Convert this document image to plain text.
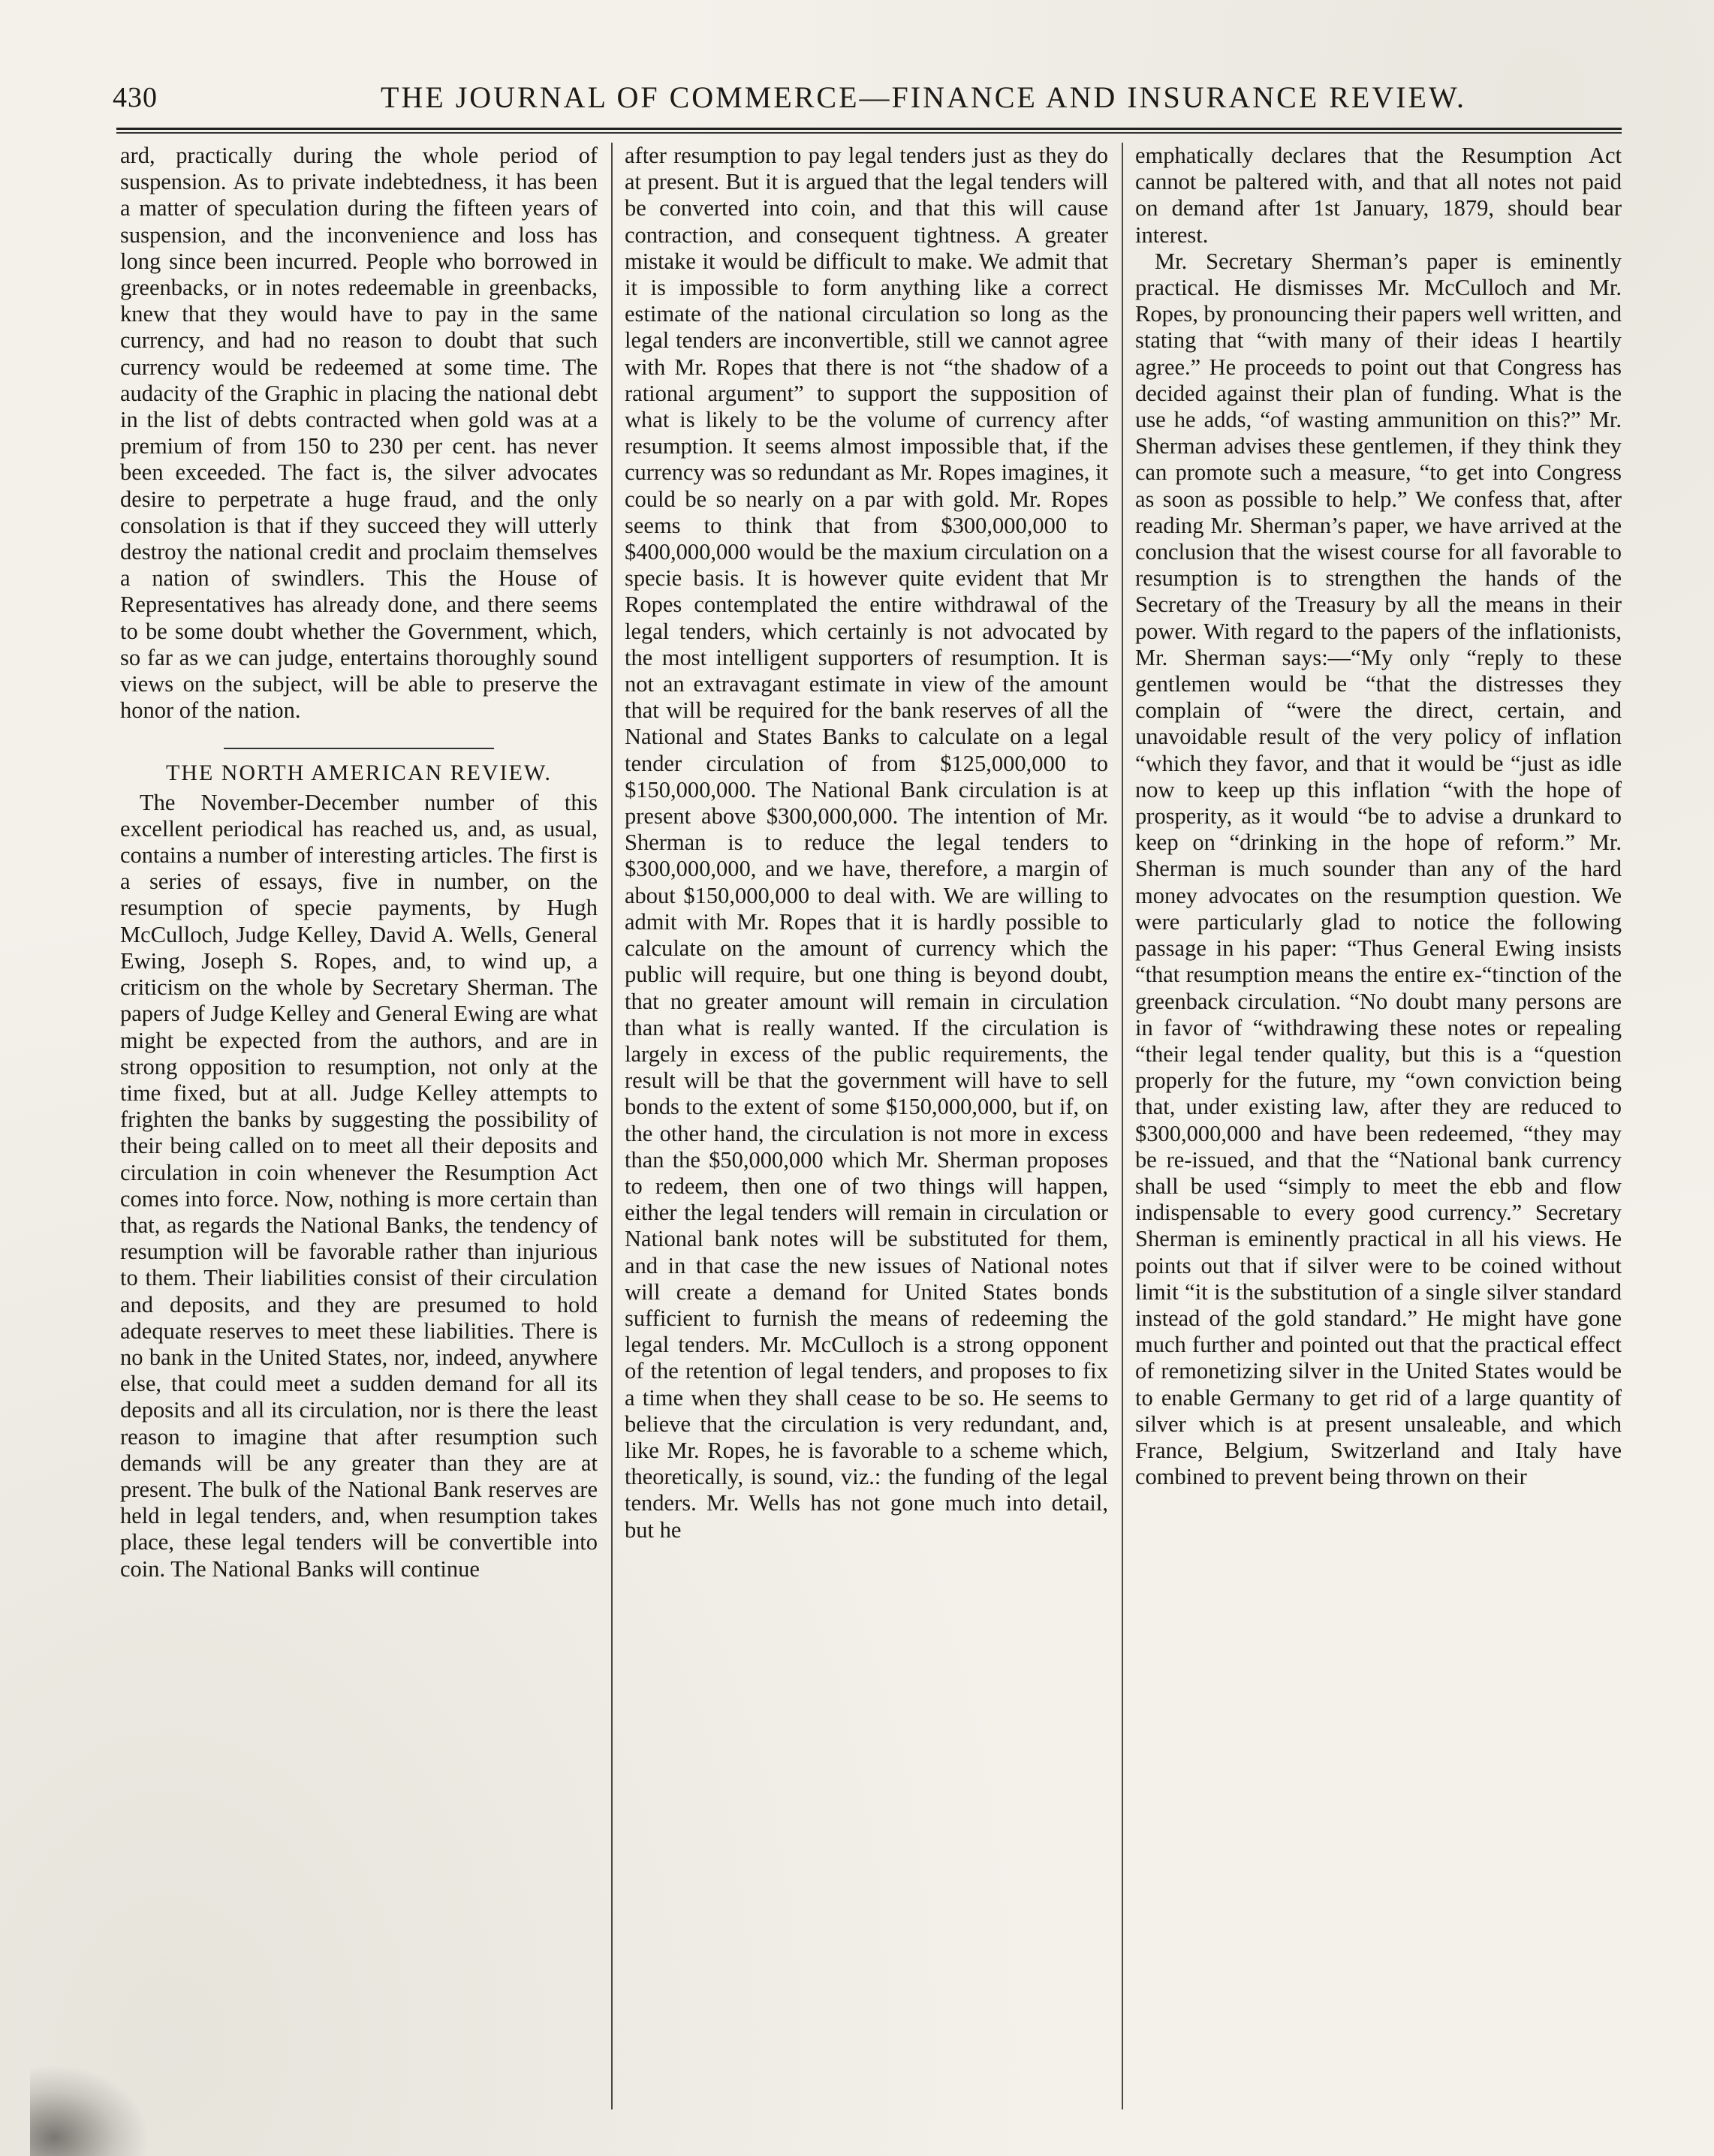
430	THE JOURNAL OF COMMERCE—FINANCE AND INSURANCE REVIEW.

ard, practically during the whole period of suspension. As to private indebtedness, it has been a matter of speculation during the fifteen years of suspension, and the inconvenience and loss has long since been incurred. People who borrowed in greenbacks, or in notes redeemable in greenbacks, knew that they would have to pay in the same currency, and had no reason to doubt that such currency would be redeemed at some time. The audacity of the Graphic in placing the national debt in the list of debts contracted when gold was at a premium of from 150 to 230 per cent. has never been exceeded. The fact is, the silver advocates desire to perpetrate a huge fraud, and the only consolation is that if they succeed they will utterly destroy the national credit and proclaim themselves a nation of swindlers. This the House of Representatives has already done, and there seems to be some doubt whether the Government, which, so far as we can judge, entertains thoroughly sound views on the subject, will be able to preserve the honor of the nation.

THE NORTH AMERICAN REVIEW.

The November-December number of this excellent periodical has reached us, and, as usual, contains a number of interesting articles. The first is a series of essays, five in number, on the resumption of specie payments, by Hugh McCulloch, Judge Kelley, David A. Wells, General Ewing, Joseph S. Ropes, and, to wind up, a criticism on the whole by Secretary Sherman. The papers of Judge Kelley and General Ewing are what might be expected from the authors, and are in strong opposition to resumption, not only at the time fixed, but at all. Judge Kelley attempts to frighten the banks by suggesting the possibility of their being called on to meet all their deposits and circulation in coin whenever the Resumption Act comes into force. Now, nothing is more certain than that, as regards the National Banks, the tendency of resumption will be favorable rather than injurious to them. Their liabilities consist of their circulation and deposits, and they are presumed to hold adequate reserves to meet these liabilities. There is no bank in the United States, nor, indeed, anywhere else, that could meet a sudden demand for all its deposits and all its circulation, nor is there the least reason to imagine that after resumption such demands will be any greater than they are at present. The bulk of the National Bank reserves are held in legal tenders, and, when resumption takes place, these legal tenders will be convertible into coin. The National Banks will continue

after resumption to pay legal tenders just as they do at present. But it is argued that the legal tenders will be converted into coin, and that this will cause contraction, and consequent tightness. A greater mistake it would be difficult to make. We admit that it is impossible to form anything like a correct estimate of the national circulation so long as the legal tenders are inconvertible, still we cannot agree with Mr. Ropes that there is not “the shadow of a rational argument” to support the supposition of what is likely to be the volume of currency after resumption. It seems almost impossible that, if the currency was so redundant as Mr. Ropes imagines, it could be so nearly on a par with gold. Mr. Ropes seems to think that from $300,000,000 to $400,000,000 would be the maxium circulation on a specie basis. It is however quite evident that Mr Ropes contemplated the entire withdrawal of the legal tenders, which certainly is not advocated by the most intelligent supporters of resumption. It is not an extravagant estimate in view of the amount that will be required for the bank reserves of all the National and States Banks to calculate on a legal tender circulation of from $125,000,000 to $150,000,000. The National Bank circulation is at present above $300,000,000. The intention of Mr. Sherman is to reduce the legal tenders to $300,000,000, and we have, therefore, a margin of about $150,000,000 to deal with. We are willing to admit with Mr. Ropes that it is hardly possible to calculate on the amount of currency which the public will require, but one thing is beyond doubt, that no greater amount will remain in circulation than what is really wanted. If the circulation is largely in excess of the public requirements, the result will be that the government will have to sell bonds to the extent of some $150,000,000, but if, on the other hand, the circulation is not more in excess than the $50,000,000 which Mr. Sherman proposes to redeem, then one of two things will happen, either the legal tenders will remain in circulation or National bank notes will be substituted for them, and in that case the new issues of National notes will create a demand for United States bonds sufficient to furnish the means of redeeming the legal tenders. Mr. McCulloch is a strong opponent of the retention of legal tenders, and proposes to fix a time when they shall cease to be so. He seems to believe that the circulation is very redundant, and, like Mr. Ropes, he is favorable to a scheme which, theoretically, is sound, viz.: the funding of the legal tenders. Mr. Wells has not gone much into detail, but he

emphatically declares that the Resumption Act cannot be paltered with, and that all notes not paid on demand after 1st January, 1879, should bear interest.

Mr. Secretary Sherman’s paper is eminently practical. He dismisses Mr. McCulloch and Mr. Ropes, by pronouncing their papers well written, and stating that “with many of their ideas I heartily agree.” He proceeds to point out that Congress has decided against their plan of funding. What is the use he adds, “of wasting ammunition on this?” Mr. Sherman advises these gentlemen, if they think they can promote such a measure, “to get into Congress as soon as possible to help.” We confess that, after reading Mr. Sherman’s paper, we have arrived at the conclusion that the wisest course for all favorable to resumption is to strengthen the hands of the Secretary of the Treasury by all the means in their power. With regard to the papers of the inflationists, Mr. Sherman says:—“My only “reply to these gentlemen would be “that the distresses they complain of “were the direct, certain, and unavoidable result of the very policy of inflation “which they favor, and that it would be “just as idle now to keep up this inflation “with the hope of prosperity, as it would “be to advise a drunkard to keep on “drinking in the hope of reform.” Mr. Sherman is much sounder than any of the hard money advocates on the resumption question. We were particularly glad to notice the following passage in his paper: “Thus General Ewing insists “that resumption means the entire ex-“tinction of the greenback circulation. “No doubt many persons are in favor of “withdrawing these notes or repealing “their legal tender quality, but this is a “question properly for the future, my “own conviction being that, under existing law, after they are reduced to $300,000,000 and have been redeemed, “they may be re-issued, and that the “National bank currency shall be used “simply to meet the ebb and flow indispensable to every good currency.” Secretary Sherman is eminently practical in all his views. He points out that if silver were to be coined without limit “it is the substitution of a single silver standard instead of the gold standard.” He might have gone much further and pointed out that the practical effect of remonetizing silver in the United States would be to enable Germany to get rid of a large quantity of silver which is at present unsaleable, and which France, Belgium, Switzerland and Italy have combined to prevent being thrown on their
